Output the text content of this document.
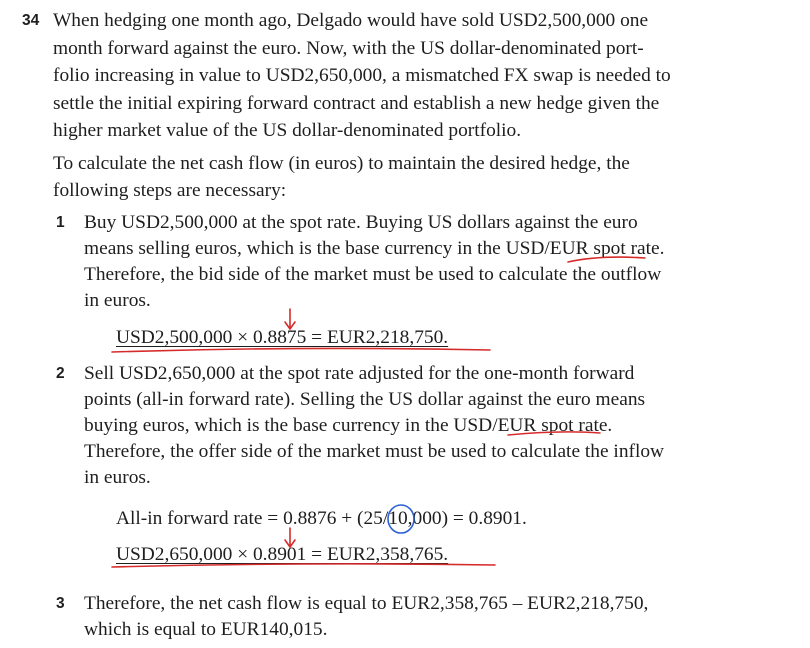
34 When hedging one month ago, Delgado would have sold USD2,500,000 one
month forward against the euro. Now, with the US dollar-denominated port-
folio increasing in value to USD2,650,000, a mismatched FX swap is needed to
settle the initial expiring forward contract and establish a new hedge given the
higher market value of the US dollar-denominated portfolio.
To calculate the net cash flow (in euros) to maintain the desired hedge, the
following steps are necessary:
1 Buy USD2,500,000 at the spot rate. Buying US dollars against the euro
means selling euros, which is the base currency in the USD/EUR spot rate.
Therefore, the bid side of the market must be used to calculate the outflow
in euros.
USD2,500,000 × 0.8875 = EUR2,218,750.
2 Sell USD2,650,000 at the spot rate adjusted for the one-month forward
points (all-in forward rate). Selling the US dollar against the euro means
buying euros, which is the base currency in the USD/EUR spot rate.
Therefore, the offer side of the market must be used to calculate the inflow
in euros.
All-in forward rate = 0.8876 + (25/10,000) = 0.8901.
USD2,650,000 × 0.8901 = EUR2,358,765.
3 Therefore, the net cash flow is equal to EUR2,358,765 – EUR2,218,750,
which is equal to EUR140,015.
